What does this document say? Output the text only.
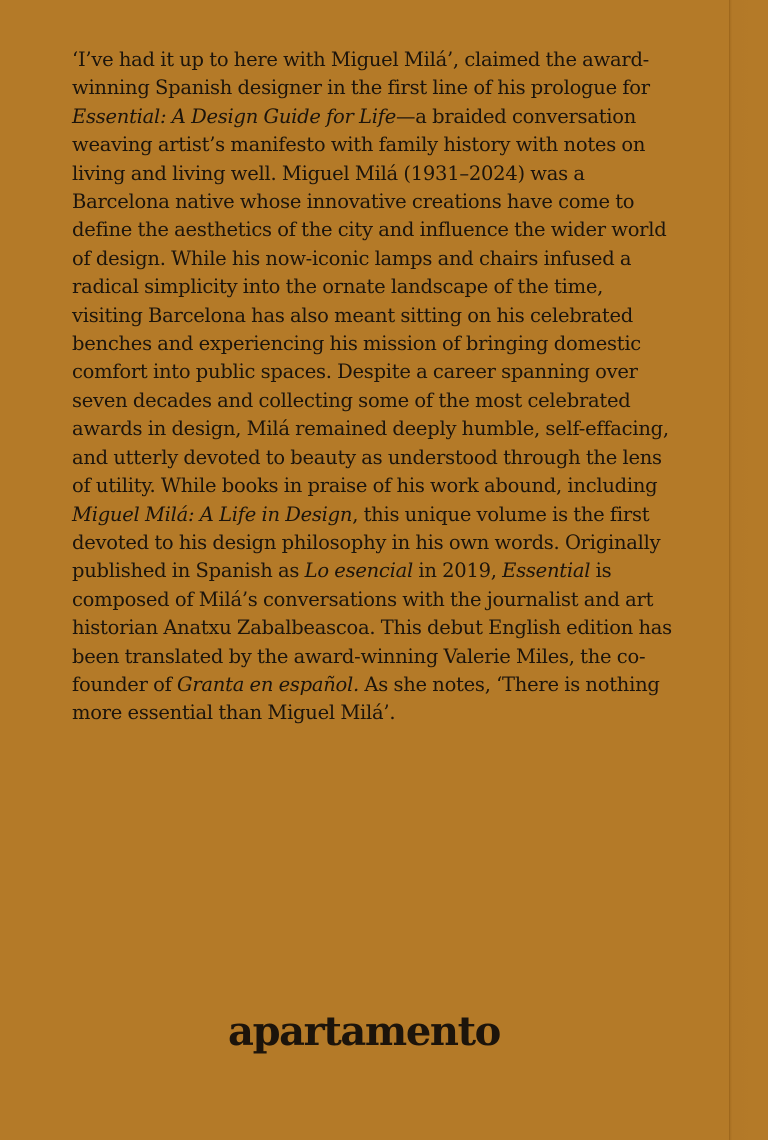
‘I’ve had it up to here with Miguel Milá’, claimed the award-winning Spanish designer in the first line of his prologue for Essential: A Design Guide for Life—a braided conversation weaving artist’s manifesto with family history with notes on living and living well. Miguel Milá (1931–2024) was a Barcelona native whose innovative creations have come to define the aesthetics of the city and influence the wider world of design. While his now-iconic lamps and chairs infused a radical simplicity into the ornate landscape of the time, visiting Barcelona has also meant sitting on his celebrated benches and experiencing his mission of bringing domestic comfort into public spaces. Despite a career spanning over seven decades and collecting some of the most celebrated awards in design, Milá remained deeply humble, self-effacing, and utterly devoted to beauty as understood through the lens of utility. While books in praise of his work abound, including Miguel Milá: A Life in Design, this unique volume is the first devoted to his design philosophy in his own words. Originally published in Spanish as Lo esencial in 2019, Essential is composed of Milá’s conversations with the journalist and art historian Anatxu Zabalbeascoa. This debut English edition has been translated by the award-winning Valerie Miles, the co-founder of Granta en español. As she notes, ‘There is nothing more essential than Miguel Milá’.

apartamento
